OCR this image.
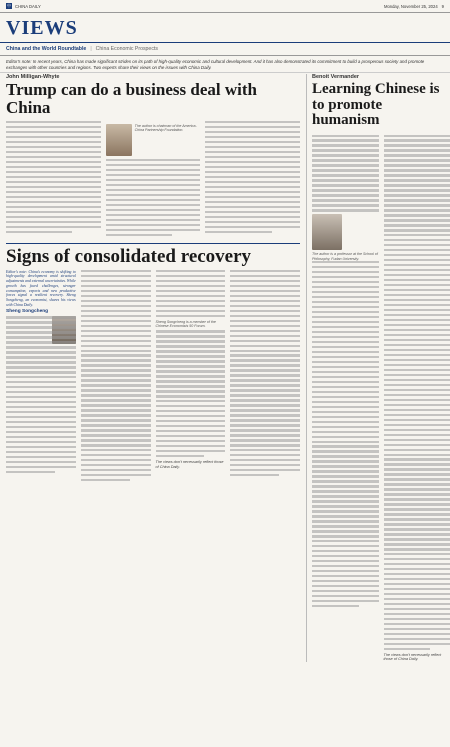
中 CHINA DAILY	Monday, November 25, 2024 9
VIEWS
China and the World Roundtable | China Economic Prospects
Editor's note: In recent years, China has made significant strides on its path of high-quality economic and cultural development. And it has also demonstrated its commitment to build a prosperous society and promote exchanges with other countries and regions. Two experts share their views on the issues with China Daily.
John Milligan-Whyte
Trump can do a business deal with China
The author is chairman of the America-China Partnership Foundation.
Signs of consolidated recovery
Editor's note: China's economy is shifting to high-quality development amid structural adjustments and external uncertainties. While growth has faced challenges, stronger consumption, exports and new productive forces signal a resilient recovery. Sheng Songcheng, an economist, shares his views with China Daily.
Sheng Songcheng
Sheng Songcheng is a member of the Chinese Economists 50 Forum.
The views don't necessarily reflect those of China Daily.
Benoit Vermander
Learning Chinese is to promote humanism
The author is a professor at the School of Philosophy, Fudan University.
The views don't necessarily reflect those of China Daily.
